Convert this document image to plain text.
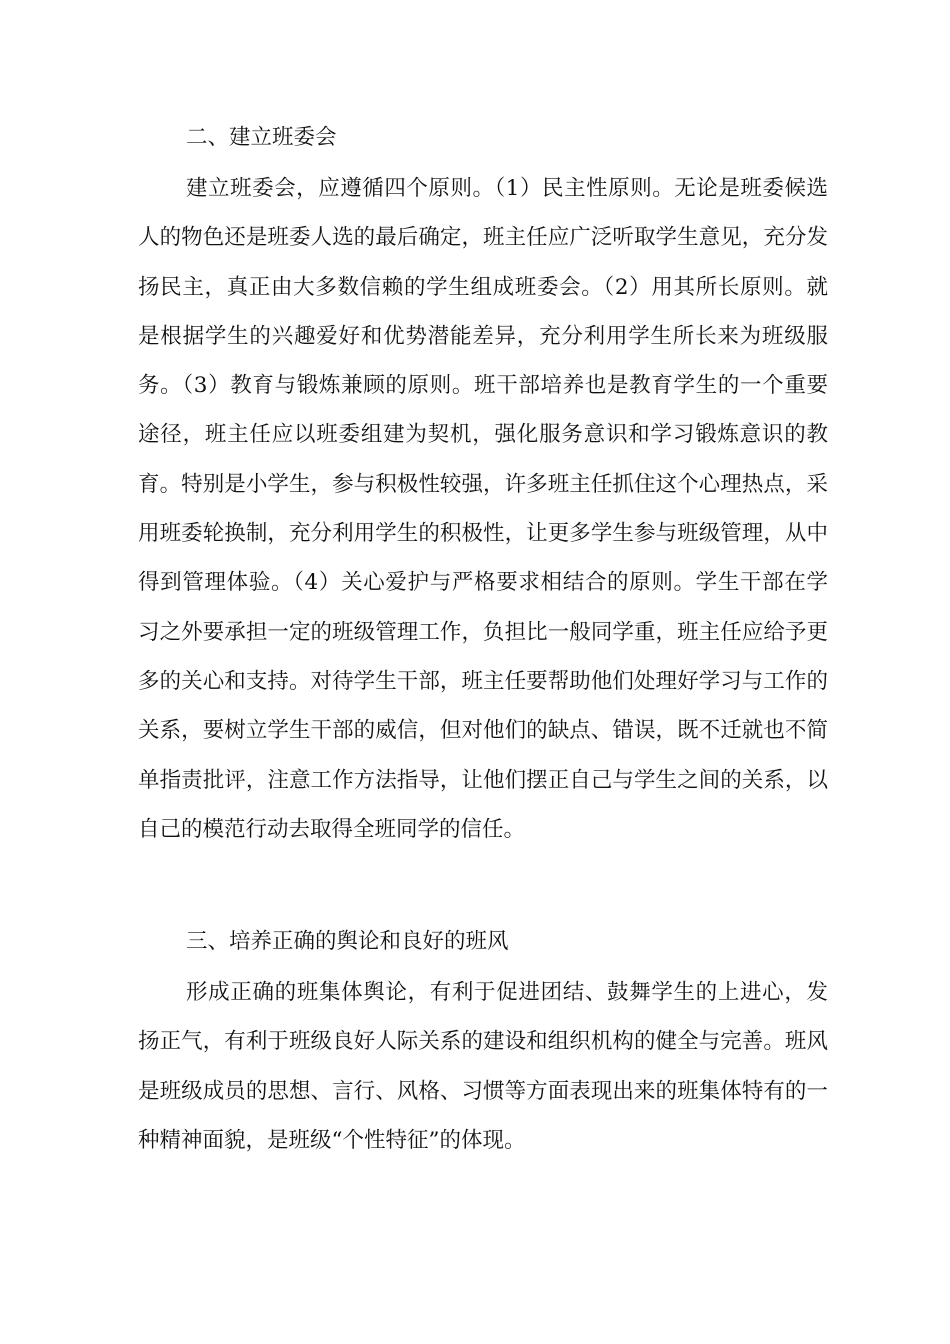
二、建立班委会

建立班委会，应遵循四个原则。（1）民主性原则。无论是班委候选人的物色还是班委人选的最后确定，班主任应广泛听取学生意见，充分发扬民主，真正由大多数信赖的学生组成班委会。（2）用其所长原则。就是根据学生的兴趣爱好和优势潜能差异，充分利用学生所长来为班级服务。（3）教育与锻炼兼顾的原则。班干部培养也是教育学生的一个重要途径，班主任应以班委组建为契机，强化服务意识和学习锻炼意识的教育。特别是小学生，参与积极性较强，许多班主任抓住这个心理热点，采用班委轮换制，充分利用学生的积极性，让更多学生参与班级管理，从中得到管理体验。（4）关心爱护与严格要求相结合的原则。学生干部在学习之外要承担一定的班级管理工作，负担比一般同学重，班主任应给予更多的关心和支持。对待学生干部，班主任要帮助他们处理好学习与工作的关系，要树立学生干部的威信，但对他们的缺点、错误，既不迁就也不简单指责批评，注意工作方法指导，让他们摆正自己与学生之间的关系，以自己的模范行动去取得全班同学的信任。

三、培养正确的舆论和良好的班风

形成正确的班集体舆论，有利于促进团结、鼓舞学生的上进心，发扬正气，有利于班级良好人际关系的建设和组织机构的健全与完善。班风是班级成员的思想、言行、风格、习惯等方面表现出来的班集体特有的一种精神面貌，是班级“个性特征”的体现。
